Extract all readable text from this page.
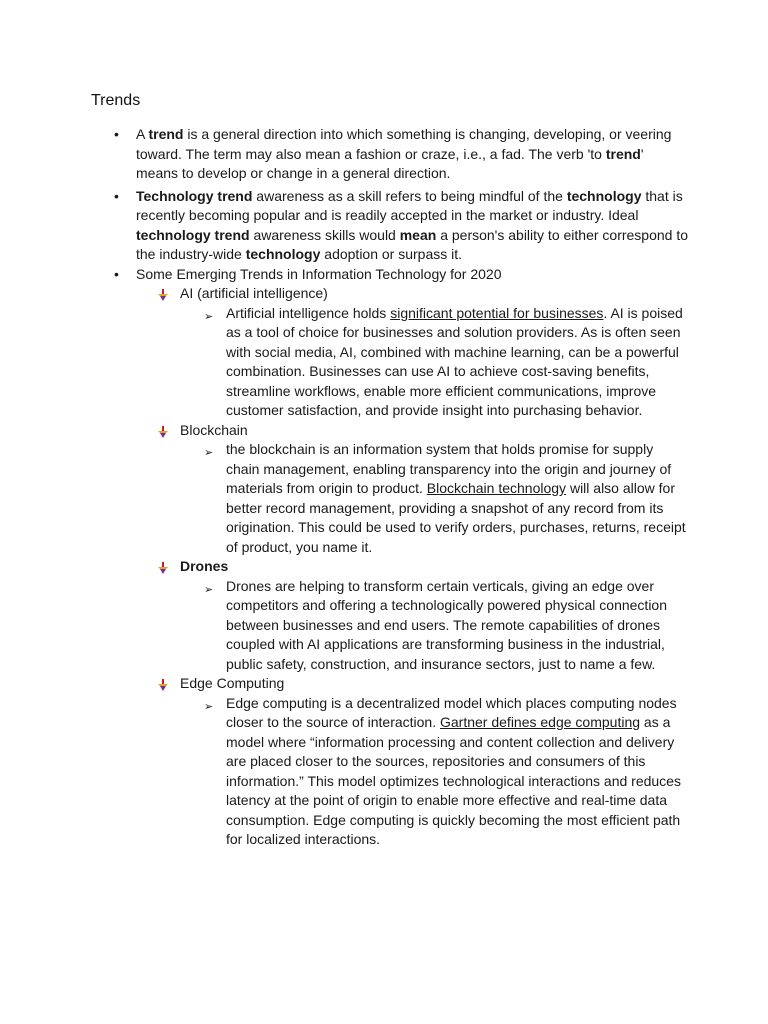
Trends
• A trend is a general direction into which something is changing, developing, or veering toward. The term may also mean a fashion or craze, i.e., a fad. The verb 'to trend' means to develop or change in a general direction.
• Technology trend awareness as a skill refers to being mindful of the technology that is recently becoming popular and is readily accepted in the market or industry. Ideal technology trend awareness skills would mean a person's ability to either correspond to the industry-wide technology adoption or surpass it.
• Some Emerging Trends in Information Technology for 2020
AI (artificial intelligence)
➢ Artificial intelligence holds significant potential for businesses. AI is poised as a tool of choice for businesses and solution providers. As is often seen with social media, AI, combined with machine learning, can be a powerful combination. Businesses can use AI to achieve cost-saving benefits, streamline workflows, enable more efficient communications, improve customer satisfaction, and provide insight into purchasing behavior.
Blockchain
➢ the blockchain is an information system that holds promise for supply chain management, enabling transparency into the origin and journey of materials from origin to product. Blockchain technology will also allow for better record management, providing a snapshot of any record from its origination. This could be used to verify orders, purchases, returns, receipt of product, you name it.
Drones
➢ Drones are helping to transform certain verticals, giving an edge over competitors and offering a technologically powered physical connection between businesses and end users. The remote capabilities of drones coupled with AI applications are transforming business in the industrial, public safety, construction, and insurance sectors, just to name a few.
Edge Computing
➢ Edge computing is a decentralized model which places computing nodes closer to the source of interaction. Gartner defines edge computing as a model where “information processing and content collection and delivery are placed closer to the sources, repositories and consumers of this information.” This model optimizes technological interactions and reduces latency at the point of origin to enable more effective and real-time data consumption. Edge computing is quickly becoming the most efficient path for localized interactions.
